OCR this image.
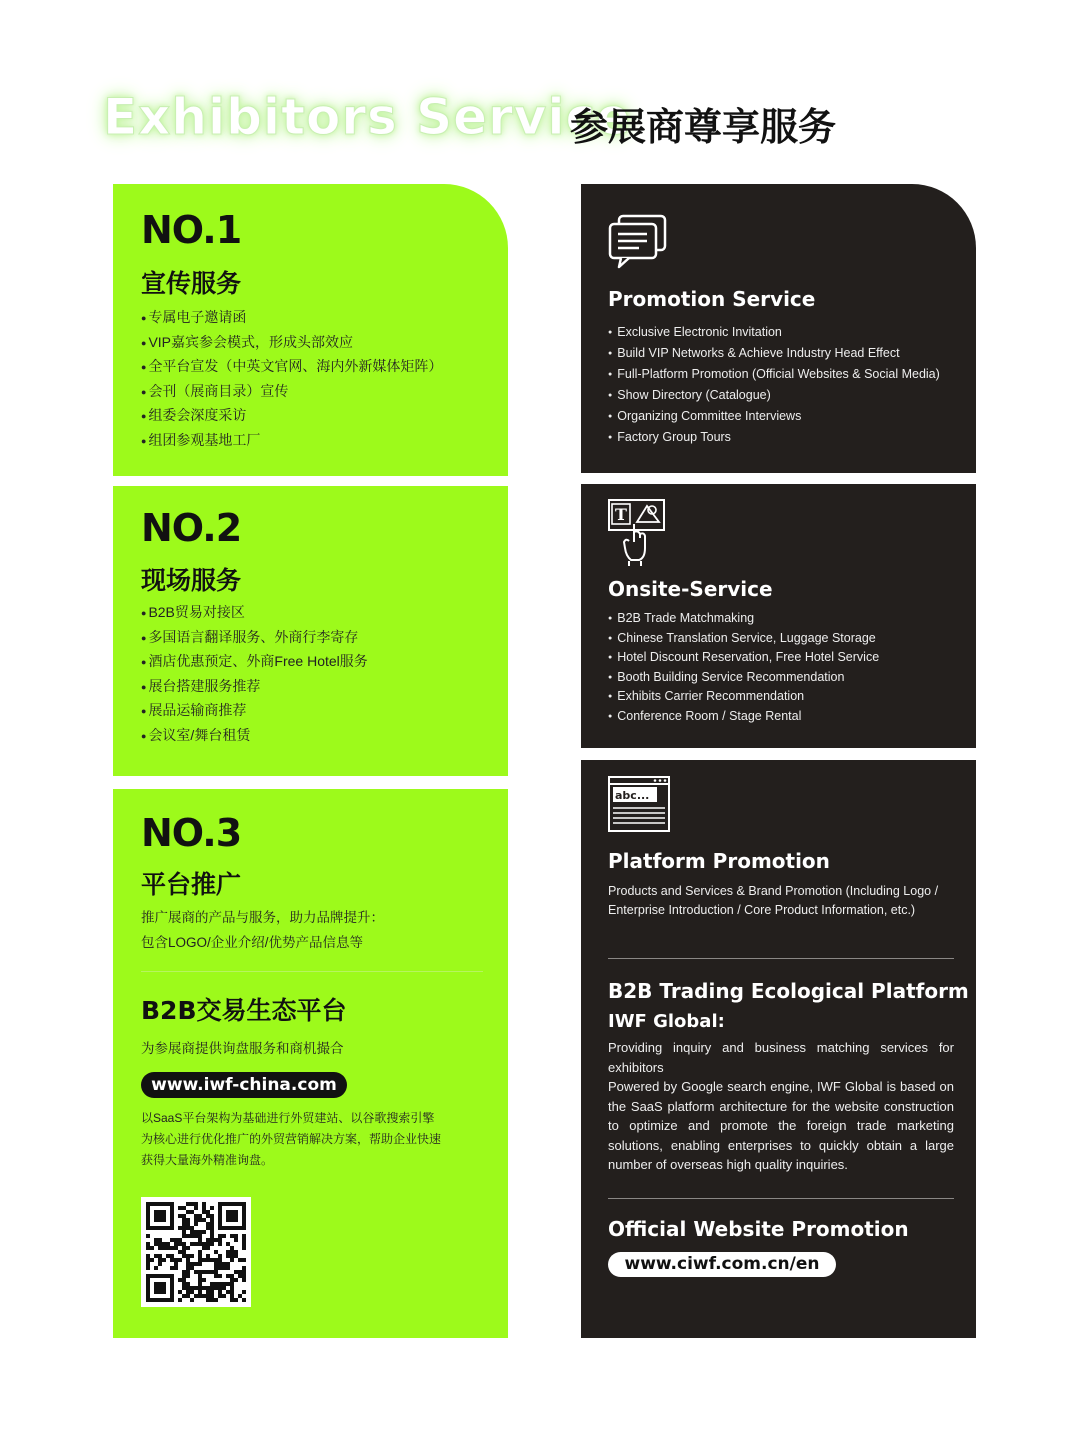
Exhibitors Service
参展商尊享服务
NO.1
宣传服务
● 专属电子邀请函
● VIP嘉宾参会模式，形成头部效应
● 全平台宣发（中英文官网、海内外新媒体矩阵）
● 会刊（展商目录）宣传
● 组委会深度采访
● 组团参观基地工厂
NO.2
现场服务
● B2B贸易对接区
● 多国语言翻译服务、外商行李寄存
● 酒店优惠预定、外商Free Hotel服务
● 展台搭建服务推荐
● 展品运输商推荐
● 会议室/舞台租赁
NO.3
平台推广
推广展商的产品与服务，助力品牌提升：
包含LOGO/企业介绍/优势产品信息等
B2B交易生态平台
为参展商提供询盘服务和商机撮合
www.iwf-china.com
以SaaS平台架构为基础进行外贸建站、以谷歌搜索引擎
为核心进行优化推广的外贸营销解决方案，帮助企业快速
获得大量海外精准询盘。
Promotion Service
● Exclusive Electronic Invitation
● Build VIP Networks & Achieve Industry Head Effect
● Full-Platform Promotion (Official Websites & Social Media)
● Show Directory (Catalogue)
● Organizing Committee Interviews
● Factory Group Tours
T
Onsite-Service
● B2B Trade Matchmaking
● Chinese Translation Service, Luggage Storage
● Hotel Discount Reservation, Free Hotel Service
● Booth Building Service Recommendation
● Exhibits Carrier Recommendation
● Conference Room / Stage Rental
abc...
Platform Promotion
Products and Services & Brand Promotion (Including Logo /
Enterprise Introduction / Core Product Information, etc.)
B2B Trading Ecological Platform
IWF Global:
Providing inquiry and business matching services for exhibitors
Powered by Google search engine, IWF Global is based on the SaaS platform architecture for the website construction to optimize and promote the foreign trade marketing solutions, enabling enterprises to quickly obtain a large number of overseas high quality inquiries.
Official Website Promotion
www.ciwf.com.cn/en
